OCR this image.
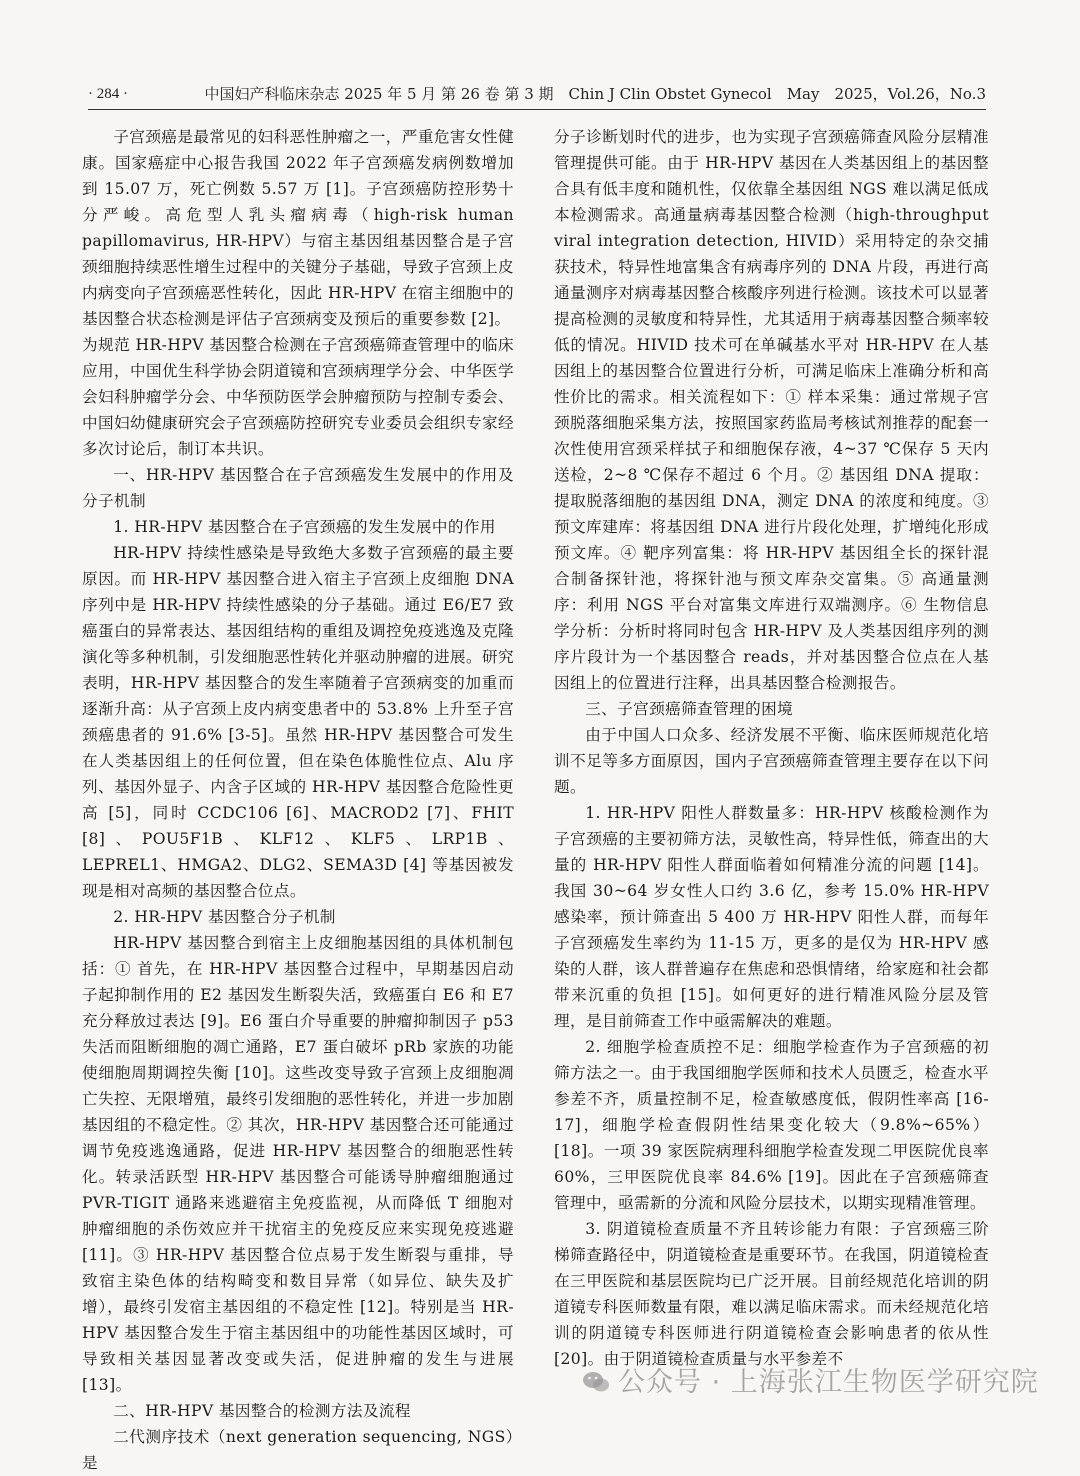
· 284 ·	中国妇产科临床杂志 2025 年 5 月 第 26 卷 第 3 期　Chin J Clin Obstet Gynecol　May　2025，Vol.26，No.3

子宫颈癌是最常见的妇科恶性肿瘤之一，严重危害女性健康。国家癌症中心报告我国 2022 年子宫颈癌发病例数增加到 15.07 万，死亡例数 5.57 万 [1]。子宫颈癌防控形势十分严峻。高危型人乳头瘤病毒（high-risk human papillomavirus, HR-HPV）与宿主基因组基因整合是子宫颈细胞持续恶性增生过程中的关键分子基础，导致子宫颈上皮内病变向子宫颈癌恶性转化，因此 HR-HPV 在宿主细胞中的基因整合状态检测是评估子宫颈病变及预后的重要参数 [2]。

为规范 HR-HPV 基因整合检测在子宫颈癌筛查管理中的临床应用，中国优生科学协会阴道镜和宫颈病理学分会、中华医学会妇科肿瘤学分会、中华预防医学会肿瘤预防与控制专委会、中国妇幼健康研究会子宫颈癌防控研究专业委员会组织专家经多次讨论后，制订本共识。

一、HR-HPV 基因整合在子宫颈癌发生发展中的作用及分子机制

1. HR-HPV 基因整合在子宫颈癌的发生发展中的作用

HR-HPV 持续性感染是导致绝大多数子宫颈癌的最主要原因。而 HR-HPV 基因整合进入宿主子宫颈上皮细胞 DNA 序列中是 HR-HPV 持续性感染的分子基础。通过 E6/E7 致癌蛋白的异常表达、基因组结构的重组及调控免疫逃逸及克隆演化等多种机制，引发细胞恶性转化并驱动肿瘤的进展。研究表明，HR-HPV 基因整合的发生率随着子宫颈病变的加重而逐渐升高：从子宫颈上皮内病变患者中的 53.8% 上升至子宫颈癌患者的 91.6% [3-5]。虽然 HR-HPV 基因整合可发生在人类基因组上的任何位置，但在染色体脆性位点、Alu 序列、基因外显子、内含子区域的 HR-HPV 基因整合危险性更高 [5]，同时 CCDC106 [6]、MACROD2 [7]、FHIT [8]、POU5F1B、KLF12、KLF5、LRP1B、LEPREL1、HMGA2、DLG2、SEMA3D [4] 等基因被发现是相对高频的基因整合位点。

2. HR-HPV 基因整合分子机制

HR-HPV 基因整合到宿主上皮细胞基因组的具体机制包括：① 首先，在 HR-HPV 基因整合过程中，早期基因启动子起抑制作用的 E2 基因发生断裂失活，致癌蛋白 E6 和 E7 充分释放过表达 [9]。E6 蛋白介导重要的肿瘤抑制因子 p53 失活而阻断细胞的凋亡通路，E7 蛋白破坏 pRb 家族的功能使细胞周期调控失衡 [10]。这些改变导致子宫颈上皮细胞凋亡失控、无限增殖，最终引发细胞的恶性转化，并进一步加剧基因组的不稳定性。② 其次，HR-HPV 基因整合还可能通过调节免疫逃逸通路，促进 HR-HPV 基因整合的细胞恶性转化。转录活跃型 HR-HPV 基因整合可能诱导肿瘤细胞通过 PVR-TIGIT 通路来逃避宿主免疫监视，从而降低 T 细胞对肿瘤细胞的杀伤效应并干扰宿主的免疫反应来实现免疫逃避 [11]。③ HR-HPV 基因整合位点易于发生断裂与重排，导致宿主染色体的结构畸变和数目异常（如异位、缺失及扩增），最终引发宿主基因组的不稳定性 [12]。特别是当 HR-HPV 基因整合发生于宿主基因组中的功能性基因区域时，可导致相关基因显著改变或失活，促进肿瘤的发生与进展 [13]。

二、HR-HPV 基因整合的检测方法及流程

二代测序技术（next generation sequencing, NGS）是

分子诊断划时代的进步，也为实现子宫颈癌筛查风险分层精准管理提供可能。由于 HR-HPV 基因在人类基因组上的基因整合具有低丰度和随机性，仅依靠全基因组 NGS 难以满足低成本检测需求。高通量病毒基因整合检测（high-throughput viral integration detection, HIVID）采用特定的杂交捕获技术，特异性地富集含有病毒序列的 DNA 片段，再进行高通量测序对病毒基因整合核酸序列进行检测。该技术可以显著提高检测的灵敏度和特异性，尤其适用于病毒基因整合频率较低的情况。HIVID 技术可在单碱基水平对 HR-HPV 在人基因组上的基因整合位置进行分析，可满足临床上准确分析和高性价比的需求。相关流程如下：① 样本采集：通过常规子宫颈脱落细胞采集方法，按照国家药监局考核试剂推荐的配套一次性使用宫颈采样拭子和细胞保存液，4~37 ℃保存 5 天内送检，2~8 ℃保存不超过 6 个月。② 基因组 DNA 提取：提取脱落细胞的基因组 DNA，测定 DNA 的浓度和纯度。③ 预文库建库：将基因组 DNA 进行片段化处理，扩增纯化形成预文库。④ 靶序列富集：将 HR-HPV 基因组全长的探针混合制备探针池，将探针池与预文库杂交富集。⑤ 高通量测序：利用 NGS 平台对富集文库进行双端测序。⑥ 生物信息学分析：分析时将同时包含 HR-HPV 及人类基因组序列的测序片段计为一个基因整合 reads，并对基因整合位点在人基因组上的位置进行注释，出具基因整合检测报告。

三、子宫颈癌筛查管理的困境

由于中国人口众多、经济发展不平衡、临床医师规范化培训不足等多方面原因，国内子宫颈癌筛查管理主要存在以下问题。

1. HR-HPV 阳性人群数量多：HR-HPV 核酸检测作为子宫颈癌的主要初筛方法，灵敏性高，特异性低，筛查出的大量的 HR-HPV 阳性人群面临着如何精准分流的问题 [14]。我国 30~64 岁女性人口约 3.6 亿，参考 15.0% HR-HPV 感染率，预计筛查出 5 400 万 HR-HPV 阳性人群，而每年子宫颈癌发生率约为 11-15 万，更多的是仅为 HR-HPV 感染的人群，该人群普遍存在焦虑和恐惧情绪，给家庭和社会都带来沉重的负担 [15]。如何更好的进行精准风险分层及管理，是目前筛查工作中亟需解决的难题。

2. 细胞学检查质控不足：细胞学检查作为子宫颈癌的初筛方法之一。由于我国细胞学医师和技术人员匮乏，检查水平参差不齐，质量控制不足，检查敏感度低，假阴性率高 [16-17]，细胞学检查假阴性结果变化较大（9.8%~65%）[18]。一项 39 家医院病理科细胞学检查发现二甲医院优良率 60%，三甲医院优良率 84.6% [19]。因此在子宫颈癌筛查管理中，亟需新的分流和风险分层技术，以期实现精准管理。

3. 阴道镜检查质量不齐且转诊能力有限：子宫颈癌三阶梯筛查路径中，阴道镜检查是重要环节。在我国，阴道镜检查在三甲医院和基层医院均已广泛开展。目前经规范化培训的阴道镜专科医师数量有限，难以满足临床需求。而未经规范化培训的阴道镜专科医师进行阴道镜检查会影响患者的依从性 [20]。由于阴道镜检查质量与水平参差不

公众号 · 上海张江生物医学研究院
